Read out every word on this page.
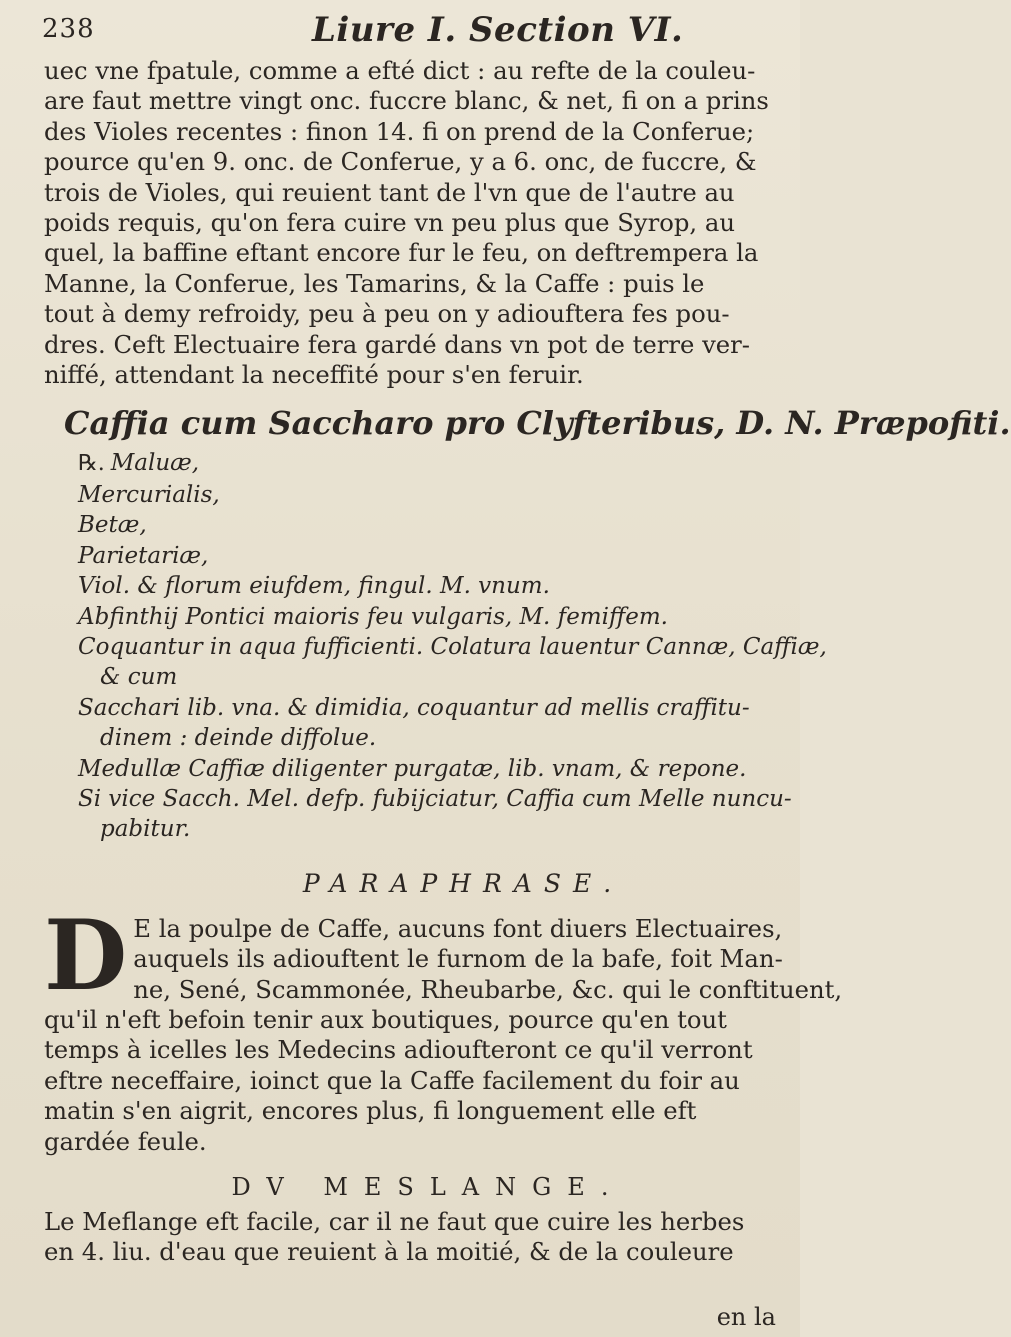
238	Liure I. Section VI.
uec vne fpatule, comme a efté dict : au refte de la couleu-
are faut mettre vingt onc. fuccre blanc, & net, fi on a prins
des Violes recentes : finon 14. fi on prend de la Conferue;
pource qu'en 9. onc. de Conferue, y a 6. onc, de fuccre, &
trois de Violes, qui reuient tant de l'vn que de l'autre au
poids requis, qu'on fera cuire vn peu plus que Syrop, au
quel, la baffine eftant encore fur le feu, on deftrempera la
Manne, la Conferue, les Tamarins, & la Caffe : puis le
tout à demy refroidy, peu à peu on y adiouftera fes pou-
dres. Ceft Electuaire fera gardé dans vn pot de terre ver-
niffé, attendant la neceffité pour s'en feruir.
Caffia cum Saccharo pro Clyfteribus, D. N. Præpofiti.
℞. Maluæ,
Mercurialis,
Betæ,
Parietariæ,
Viol. & florum eiufdem, fingul. M. vnum.
Abfinthij Pontici maioris feu vulgaris, M. femiffem.
Coquantur in aqua fufficienti. Colatura lauentur Cannæ, Caffiæ,
& cum
Sacchari lib. vna. & dimidia, coquantur ad mellis craffitu-
dinem : deinde diffolue.
Medullæ Caffiæ diligenter purgatæ, lib. vnam, & repone.
Si vice Sacch. Mel. defp. fubijciatur, Caffia cum Melle nuncu-
pabitur.
PARAPHRASE.
D E la poulpe de Caffe, aucuns font diuers Electuaires,
auquels ils adiouftent le furnom de la bafe, foit Man-
ne, Sené, Scammonée, Rheubarbe, &c. qui le conftituent,
qu'il n'eft befoin tenir aux boutiques, pource qu'en tout
temps à icelles les Medecins adioufteront ce qu'il verront
eftre neceffaire, ioinct que la Caffe facilement du foir au
matin s'en aigrit, encores plus, fi longuement elle eft
gardée feule.
DV MESLANGE.
Le Meflange eft facile, car il ne faut que cuire les herbes
en 4. liu. d'eau que reuient à la moitié, & de la couleure
en la
